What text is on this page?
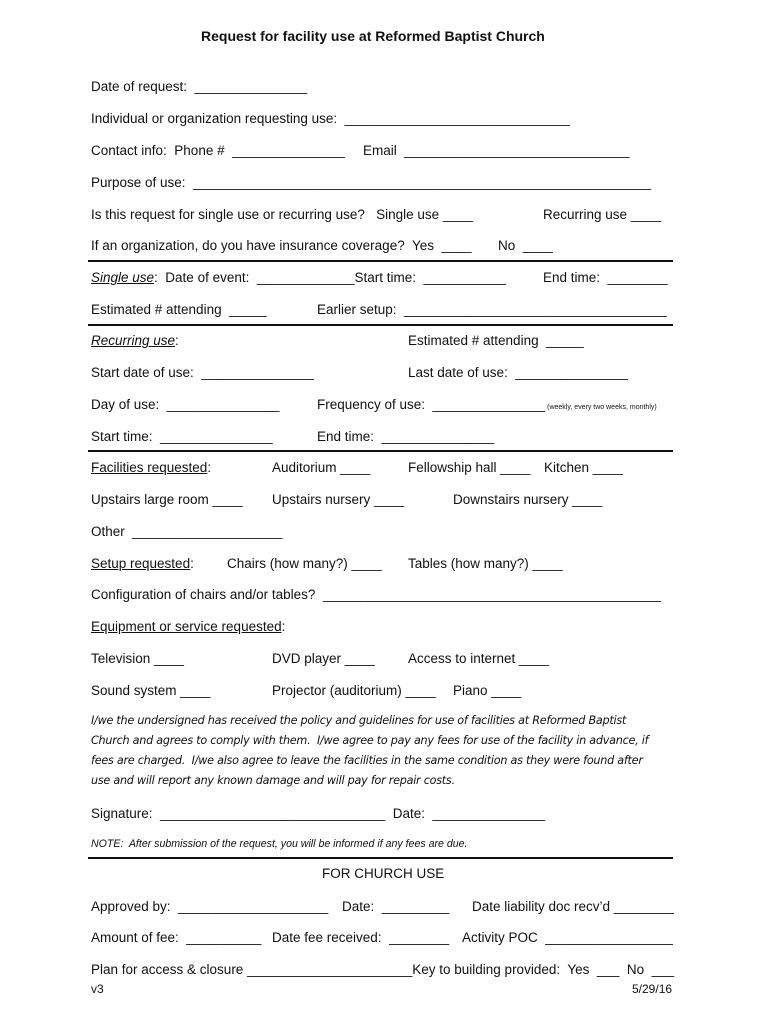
Request for facility use at Reformed Baptist Church
Date of request:  _______________
Individual or organization requesting use:  ______________________________
Contact info:  Phone #  _______________ Email  ______________________________
Purpose of use:  _____________________________________________________________
Is this request for single use or recurring use?   Single use ____	Recurring use ____
If an organization, do you have insurance coverage?  Yes  ____ No  ____
Single use:  Date of event:  _____________Start time:  ___________	End time:  ________
Estimated # attending  _____	Earlier setup:  ___________________________________
Recurring use:	Estimated # attending  _____
Start date of use:  _______________	Last date of use:  _______________
Day of use:  _______________	Frequency of use:  _______________ (weekly, every two weeks, monthly)
Start time:  _______________	End time:  _______________
Facilities requested:	Auditorium ____	Fellowship hall ____ Kitchen ____
Upstairs large room ____ Upstairs nursery ____	Downstairs nursery ____
Other  ____________________
Setup requested: Chairs (how many?) ____ Tables (how many?) ____
Configuration of chairs and/or tables?  _____________________________________________
Equipment or service requested:
Television ____	DVD player ____ Access to internet ____
Sound system ____	Projector (auditorium) ____ Piano ____
I/we the undersigned has received the policy and guidelines for use of facilities at Reformed Baptist
Church and agrees to comply with them.  I/we agree to pay any fees for use of the facility in advance, if
fees are charged.  I/we also agree to leave the facilities in the same condition as they were found after
use and will report any known damage and will pay for repair costs.
Signature:  ______________________________  Date:  _______________
NOTE:  After submission of the request, you will be informed if any fees are due.
FOR CHURCH USE
Approved by:  ____________________ Date:  _________ Date liability doc recv’d ________
Amount of fee:  __________ Date fee received:  ________ Activity POC  _________________
Plan for access & closure ______________________Key to building provided:  Yes  ___  No  ___
v3	5/29/16
